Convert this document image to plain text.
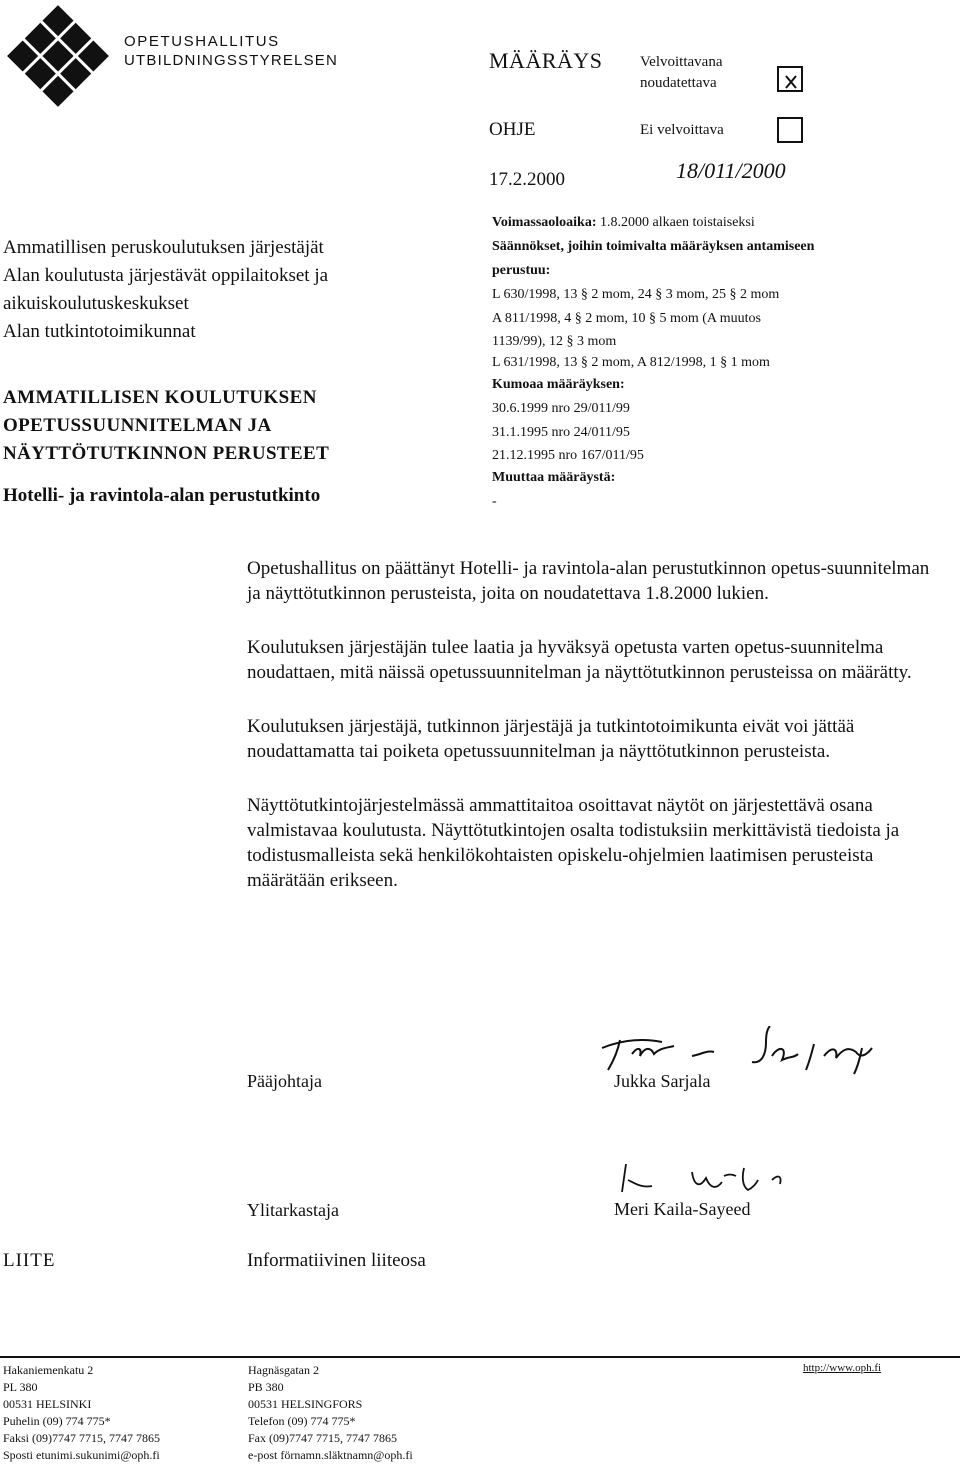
OPETUSHALLITUS
UTBILDNINGSSTYRELSEN	MÄÄRÄYS Velvoittavana
noudatettava
OHJE	Ei velvoittava
17.2.2000	18/011/2000
Ammatillisen peruskoulutuksen järjestäjät
Alan koulutusta järjestävät oppilaitokset ja
aikuiskoulutuskeskukset
Alan tutkintotoimikunnat
AMMATILLISEN KOULUTUKSEN
OPETUSSUUNNITELMAN JA
NÄYTTÖTUTKINNON PERUSTEET
Hotelli- ja ravintola-alan perustutkinto
Voimassaoloaika: 1.8.2000 alkaen toistaiseksi
Säännökset, joihin toimivalta määräyksen antamiseen
perustuu:
L 630/1998, 13 § 2 mom, 24 § 3 mom, 25 § 2 mom
A 811/1998, 4 § 2 mom, 10 § 5 mom (A muutos
1139/99), 12 § 3 mom
L 631/1998, 13 § 2 mom, A 812/1998, 1 § 1 mom
Kumoaa määräyksen:
30.6.1999 nro 29/011/99
31.1.1995 nro 24/011/95
21.12.1995 nro 167/011/95
Muuttaa määräystä:
-

Opetushallitus on päättänyt Hotelli- ja ravintola-alan perustutkinnon opetus-suunnitelman ja näyttötutkinnon perusteista, joita on noudatettava 1.8.2000 lukien.

Koulutuksen järjestäjän tulee laatia ja hyväksyä opetusta varten opetus-suunnitelma noudattaen, mitä näissä opetussuunnitelman ja näyttötutkinnon perusteissa on määrätty.

Koulutuksen järjestäjä, tutkinnon järjestäjä ja tutkintotoimikunta eivät voi jättää noudattamatta tai poiketa opetussuunnitelman ja näyttötutkinnon perusteista.

Näyttötutkintojärjestelmässä ammattitaitoa osoittavat näytöt on järjestettävä osana valmistavaa koulutusta. Näyttötutkintojen osalta todistuksiin merkittävistä tiedoista ja todistusmalleista sekä henkilökohtaisten opiskelu-ohjelmien laatimisen perusteista määrätään erikseen.

Pääjohtaja	Jukka Sarjala
Ylitarkastaja	Meri Kaila-Sayeed
LIITE	Informatiivinen liiteosa
Hakaniemenkatu 2
PL 380
00531 HELSINKI
Puhelin (09) 774 775*
Faksi (09)7747 7715, 7747 7865
Sposti etunimi.sukunimi@oph.fi
Hagnäsgatan 2
PB 380
00531 HELSINGFORS
Telefon (09) 774 775*
Fax (09)7747 7715, 7747 7865
e-post förnamn.släktnamn@oph.fi
http://www.oph.fi
